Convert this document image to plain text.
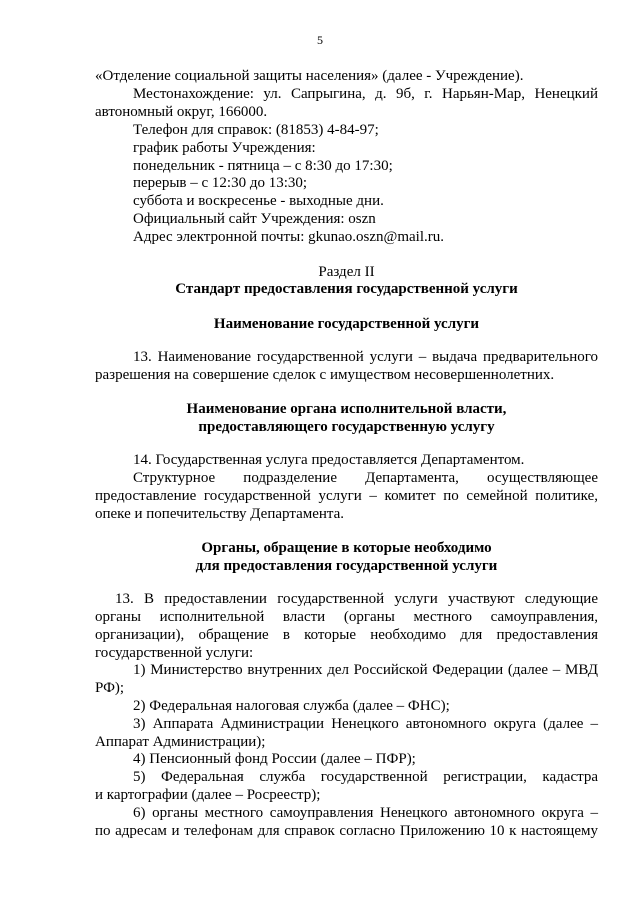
5
«Отделение социальной защиты населения» (далее - Учреждение).
Местонахождение: ул. Сапрыгина, д. 9б, г. Нарьян-Мар, Ненецкий
автономный округ, 166000.
Телефон для справок: (81853) 4-84-97;
график работы Учреждения:
понедельник - пятница – с 8:30 до 17:30;
перерыв – с 12:30 до 13:30;
суббота и воскресенье - выходные дни.
Официальный сайт Учреждения: oszn
Адрес электронной почты: gkunao.oszn@mail.ru.
Раздел II
Стандарт предоставления государственной услуги
Наименование государственной услуги
13. Наименование государственной услуги – выдача предварительного
разрешения на совершение сделок с имуществом несовершеннолетних.
Наименование органа исполнительной власти,
предоставляющего государственную услугу
14. Государственная услуга предоставляется Департаментом.
Структурное подразделение Департамента, осуществляющее
предоставление государственной услуги – комитет по семейной политике,
опеке и попечительству Департамента.
Органы, обращение в которые необходимо
для предоставления государственной услуги
13. В предоставлении государственной услуги участвуют следующие
органы исполнительной власти (органы местного самоуправления,
организации), обращение в которые необходимо для предоставления
государственной услуги:
1) Министерство внутренних дел Российской Федерации (далее – МВД
РФ);
2) Федеральная налоговая служба (далее – ФНС);
3) Аппарата Администрации Ненецкого автономного округа (далее –
Аппарат Администрации);
4) Пенсионный фонд России (далее – ПФР);
5) Федеральная служба государственной регистрации, кадастра
и картографии (далее – Росреестр);
6) органы местного самоуправления Ненецкого автономного округа –
по адресам и телефонам для справок согласно Приложению 10 к настоящему
